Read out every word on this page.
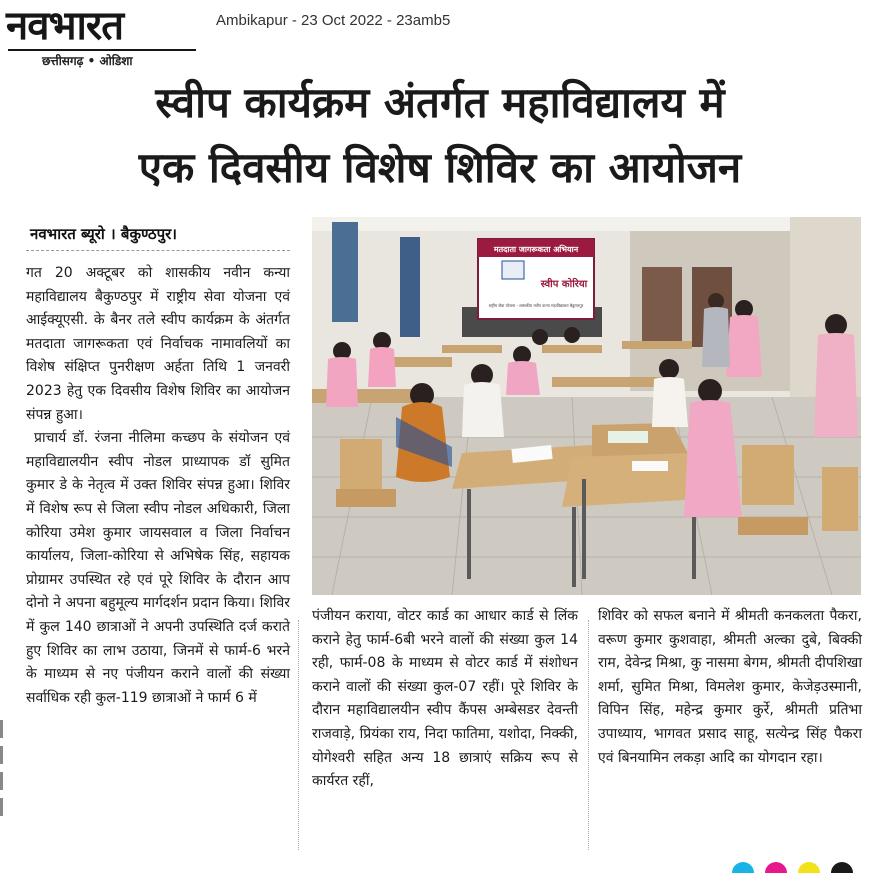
नवभारत
छत्तीसगढ़ • ओडिशा
Ambikapur - 23 Oct 2022 - 23amb5
स्वीप कार्यक्रम अंतर्गत महाविद्यालय में
एक दिवसीय विशेष शिविर का आयोजन
नवभारत ब्यूरो । बैकुण्ठपुर।

गत 20 अक्टूबर को शासकीय नवीन कन्या महाविद्यालय बैकुण्ठपुर में राष्ट्रीय सेवा योजना एवं आईक्यूएसी. के बैनर तले स्वीप कार्यक्रम के अंतर्गत मतदाता जागरूकता एवं निर्वाचक नामावलियों का विशेष संक्षिप्त पुनरीक्षण अर्हता तिथि 1 जनवरी 2023 हेतु एक दिवसीय विशेष शिविर का आयोजन संपन्न हुआ।

प्राचार्य डॉ. रंजना नीलिमा कच्छप के संयोजन एवं महाविद्यालयीन स्वीप नोडल प्राध्यापक डॉ सुमित कुमार डे के नेतृत्व में उक्त शिविर संपन्न हुआ। शिविर में विशेष रूप से जिला स्वीप नोडल अधिकारी, जिला कोरिया उमेश कुमार जायसवाल व जिला निर्वाचन कार्यालय, जिला-कोरिया से अभिषेक सिंह, सहायक प्रोग्रामर उपस्थित रहे एवं पूरे शिविर के दौरान आप दोनो ने अपना बहुमूल्य मार्गदर्शन प्रदान किया। शिविर में कुल 140 छात्राओं ने अपनी उपस्थिति दर्ज कराते हुए शिविर का लाभ उठाया, जिनमें से फार्म-6 भरने के माध्यम से नए पंजीयन कराने वालों की संख्या सर्वाधिक रही कुल-119 छात्राओं ने फार्म 6 में

मतदाता जागरूकता अभियान
स्वीप कोरिया
राष्ट्रीय सेवा योजना - शासकीय नवीन कन्या महाविद्यालय बैकुण्ठपुर

पंजीयन कराया, वोटर कार्ड का आधार कार्ड से लिंक कराने हेतु फार्म-6बी भरने वालों की संख्या कुल 14 रही, फार्म-08 के माध्यम से वोटर कार्ड में संशोधन कराने वालों की संख्या कुल-07 रहीं। पूरे शिविर के दौरान महाविद्यालयीन स्वीप कैंपस अम्बेसडर देवन्ती राजवाड़े, प्रियंका राय, निदा फातिमा, यशोदा, निक्की, योगेश्वरी सहित अन्य 18 छात्राएं सक्रिय रूप से कार्यरत रहीं,

शिविर को सफल बनाने में श्रीमती कनकलता पैकरा, वरूण कुमार कुशवाहा, श्रीमती अल्का दुबे, बिक्की राम, देवेन्द्र मिश्रा, कु नासमा बेगम, श्रीमती दीपशिखा शर्मा, सुमित मिश्रा, विमलेश कुमार, केजेड़उस्मानी, विपिन सिंह, महेन्द्र कुमार कुर्रे, श्रीमती प्रतिभा उपाध्याय, भागवत प्रसाद साहू, सत्येन्द्र सिंह पैकरा एवं बिनयामिन लकड़ा आदि का योगदान रहा।
